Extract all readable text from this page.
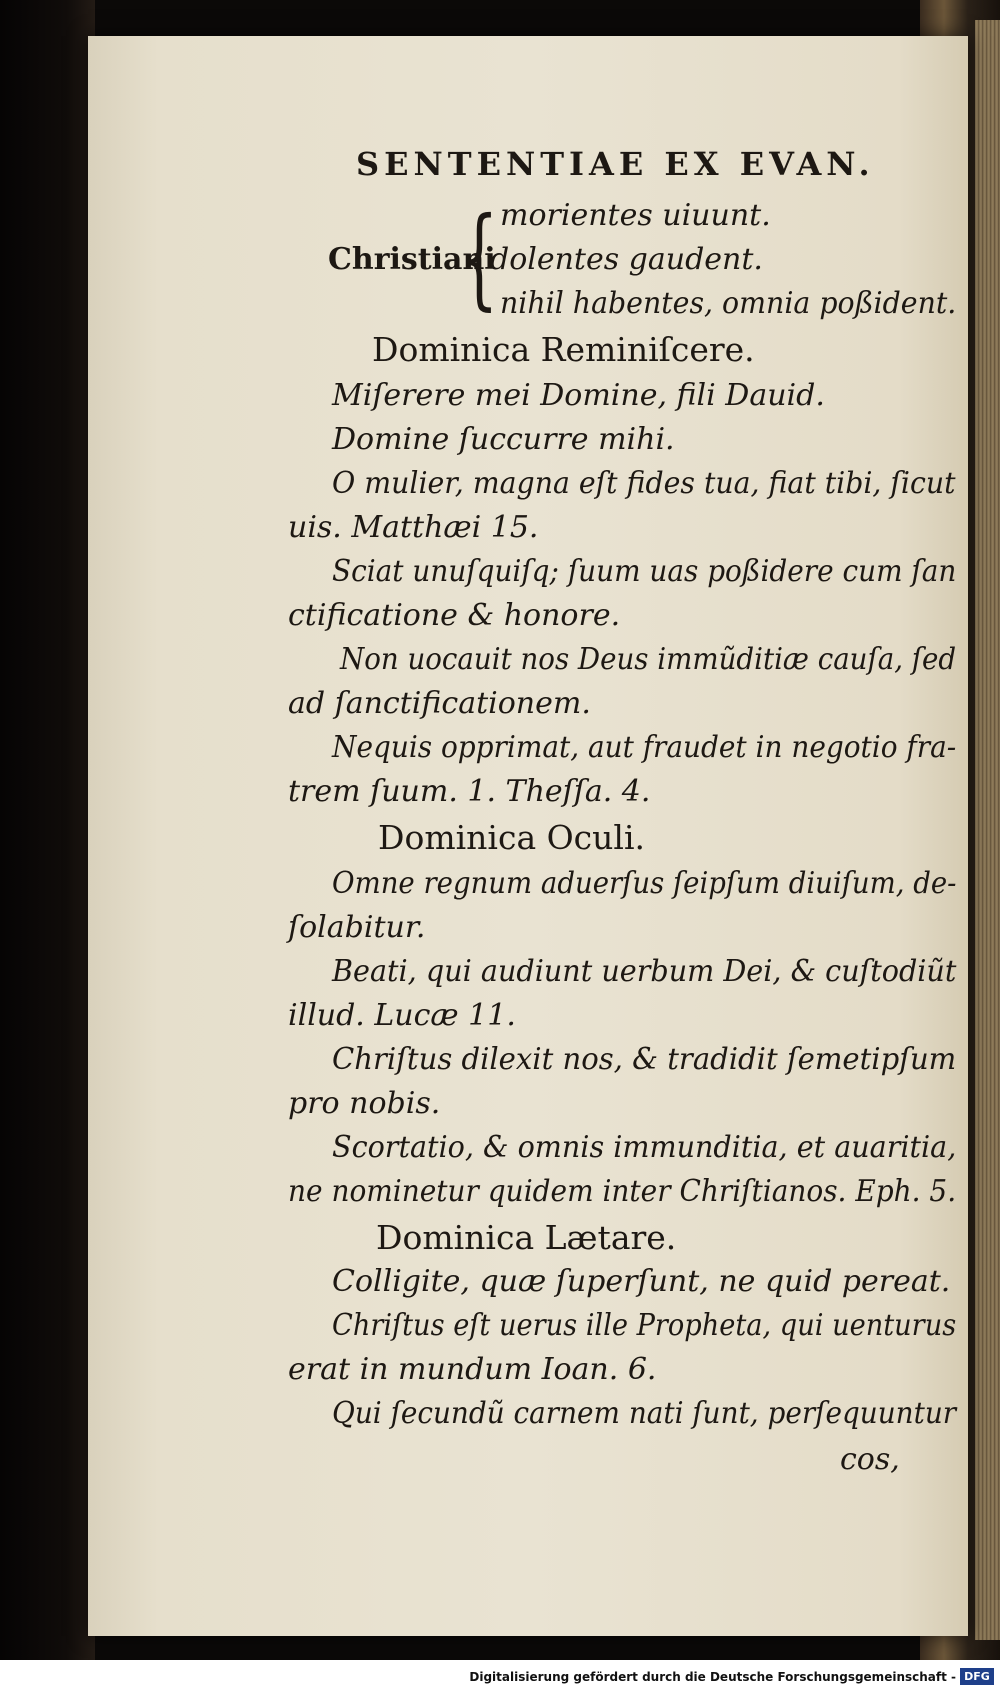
SENTENTIAE EX EVAN.
Christiani
{ morientes uiuunt.
dolentes gaudent.
nihil habentes, omnia poßident.
Dominica Reminiſcere.
Miſerere mei Domine, fili Dauid.
Domine ſuccurre mihi.
O mulier, magna eſt fides tua, fiat tibi, ſicut
uis. Matthæi 15.
Sciat unuſquiſq; ſuum uas poßidere cum ſan
ctificatione & honore.
Non uocauit nos Deus immũditiæ cauſa, ſed
ad ſanctificationem.
Nequis opprimat, aut fraudet in negotio fra-
trem ſuum. 1. Theſſa. 4.
Dominica Oculi.
Omne regnum aduerſus ſeipſum diuiſum, de-
ſolabitur.
Beati, qui audiunt uerbum Dei, & cuſtodiũt
illud. Lucæ 11.
Chriſtus dilexit nos, & tradidit ſemetipſum
pro nobis.
Scortatio, & omnis immunditia, et auaritia,
ne nominetur quidem inter Chriſtianos. Eph. 5.
Dominica Lætare.
Colligite, quæ ſuperſunt, ne quid pereat.
Chriſtus eſt uerus ille Propheta, qui uenturus
erat in mundum Ioan. 6.
Qui ſecundũ carnem nati ſunt, perſequuntur
cos,
Digitalisierung gefördert durch die Deutsche Forschungsgemeinschaft - DFG
